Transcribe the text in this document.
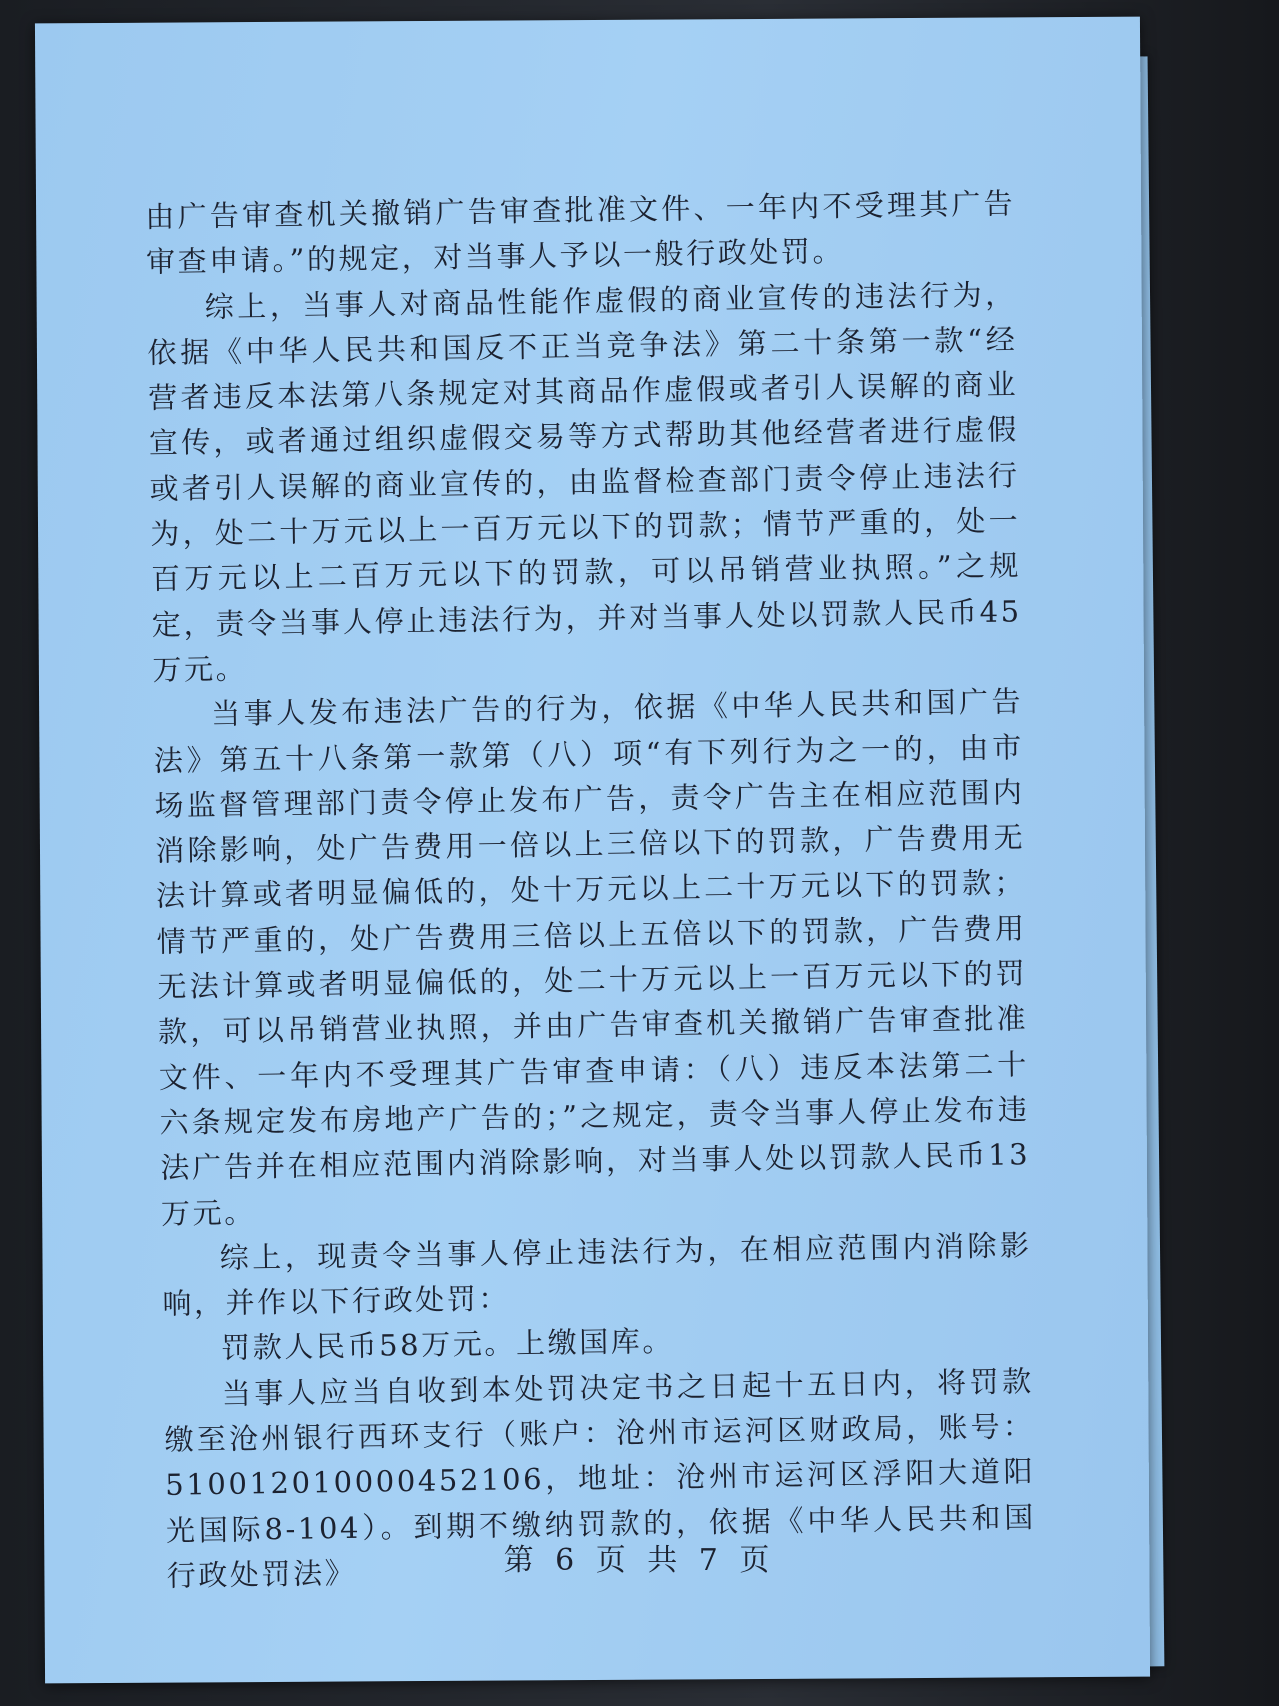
由广告审查机关撤销广告审查批准文件、一年内不受理其广告审查申请。”的规定，对当事人予以一般行政处罚。

综上，当事人对商品性能作虚假的商业宣传的违法行为，依据《中华人民共和国反不正当竞争法》第二十条第一款“经营者违反本法第八条规定对其商品作虚假或者引人误解的商业宣传，或者通过组织虚假交易等方式帮助其他经营者进行虚假或者引人误解的商业宣传的，由监督检查部门责令停止违法行为，处二十万元以上一百万元以下的罚款；情节严重的，处一百万元以上二百万元以下的罚款，可以吊销营业执照。”之规定，责令当事人停止违法行为，并对当事人处以罚款人民币45万元。

当事人发布违法广告的行为，依据《中华人民共和国广告法》第五十八条第一款第（八）项“有下列行为之一的，由市场监督管理部门责令停止发布广告，责令广告主在相应范围内消除影响，处广告费用一倍以上三倍以下的罚款，广告费用无法计算或者明显偏低的，处十万元以上二十万元以下的罚款；情节严重的，处广告费用三倍以上五倍以下的罚款，广告费用无法计算或者明显偏低的，处二十万元以上一百万元以下的罚款，可以吊销营业执照，并由广告审查机关撤销广告审查批准文件、一年内不受理其广告审查申请：（八）违反本法第二十六条规定发布房地产广告的；”之规定，责令当事人停止发布违法广告并在相应范围内消除影响，对当事人处以罚款人民币13万元。

综上，现责令当事人停止违法行为，在相应范围内消除影响，并作以下行政处罚：

罚款人民币58万元。上缴国库。

当事人应当自收到本处罚决定书之日起十五日内，将罚款缴至沧州银行西环支行（账户：沧州市运河区财政局，账号：510012010000452106，地址：沧州市运河区浮阳大道阳光国际8-104）。到期不缴纳罚款的，依据《中华人民共和国行政处罚法》	第 6 页 共 7 页
